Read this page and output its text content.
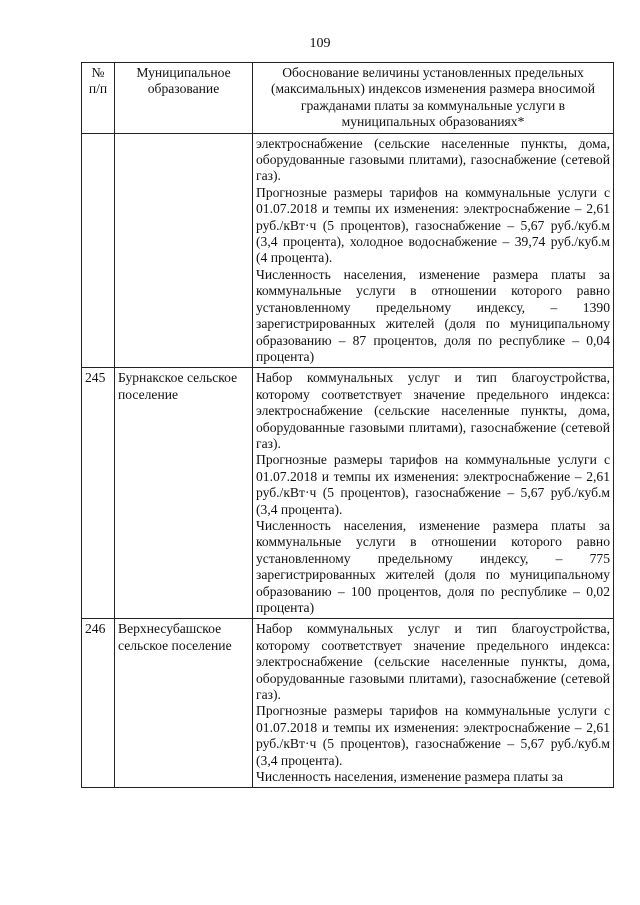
109
№ п/п	Муниципальное образование	Обоснование величины установленных предельных (максимальных) индексов изменения размера вносимой гражданами платы за коммунальные услуги в муниципальных образованиях*

		электроснабжение (сельские населенные пункты, дома, оборудованные газовыми плитами), газоснабжение (сетевой газ).

Прогнозные размеры тарифов на коммунальные услуги с 01.07.2018 и темпы их изменения: электроснабжение – 2,61 руб./кВт·ч (5 процентов), газоснабжение – 5,67 руб./куб.м (3,4 процента), холодное водоснабжение – 39,74 руб./куб.м (4 процента).

Численность населения, изменение размера платы за коммунальные услуги в отношении которого равно установленному предельному индексу, – 1390 зарегистрированных жителей (доля по муниципальному образованию – 87 процентов, доля по республике – 0,04 процента)

245	Бурнакское сельское поселение	Набор коммунальных услуг и тип благоустройства, которому соответствует значение предельного индекса: электроснабжение (сельские населенные пункты, дома, оборудованные газовыми плитами), газоснабжение (сетевой газ).

Прогнозные размеры тарифов на коммунальные услуги с 01.07.2018 и темпы их изменения: электроснабжение – 2,61 руб./кВт·ч (5 процентов), газоснабжение – 5,67 руб./куб.м (3,4 процента).

Численность населения, изменение размера платы за коммунальные услуги в отношении которого равно установленному предельному индексу, – 775 зарегистрированных жителей (доля по муниципальному образованию – 100 процентов, доля по республике – 0,02 процента)

246	Верхнесубашское сельское поселение	Набор коммунальных услуг и тип благоустройства, которому соответствует значение предельного индекса: электроснабжение (сельские населенные пункты, дома, оборудованные газовыми плитами), газоснабжение (сетевой газ).

Прогнозные размеры тарифов на коммунальные услуги с 01.07.2018 и темпы их изменения: электроснабжение – 2,61 руб./кВт·ч (5 процентов), газоснабжение – 5,67 руб./куб.м (3,4 процента).

Численность населения, изменение размера платы за
